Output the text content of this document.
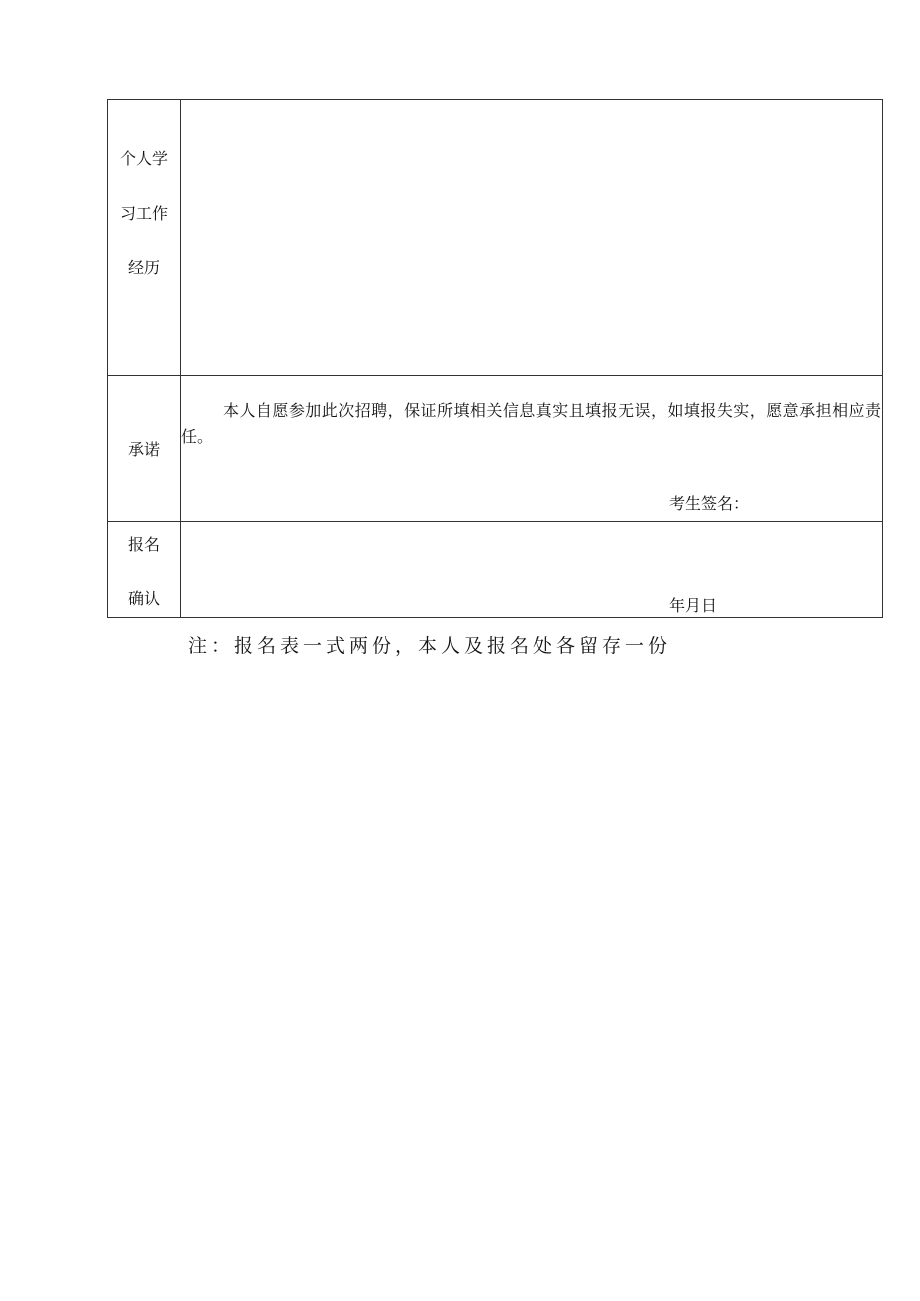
个人学
习工作
经历
承诺
本人自愿参加此次招聘，保证所填相关信息真实且填报无误，如填报失实，愿意承担相应责任。
考生签名：
报名
确认	年月日
注：报名表一式两份，本人及报名处各留存一份
